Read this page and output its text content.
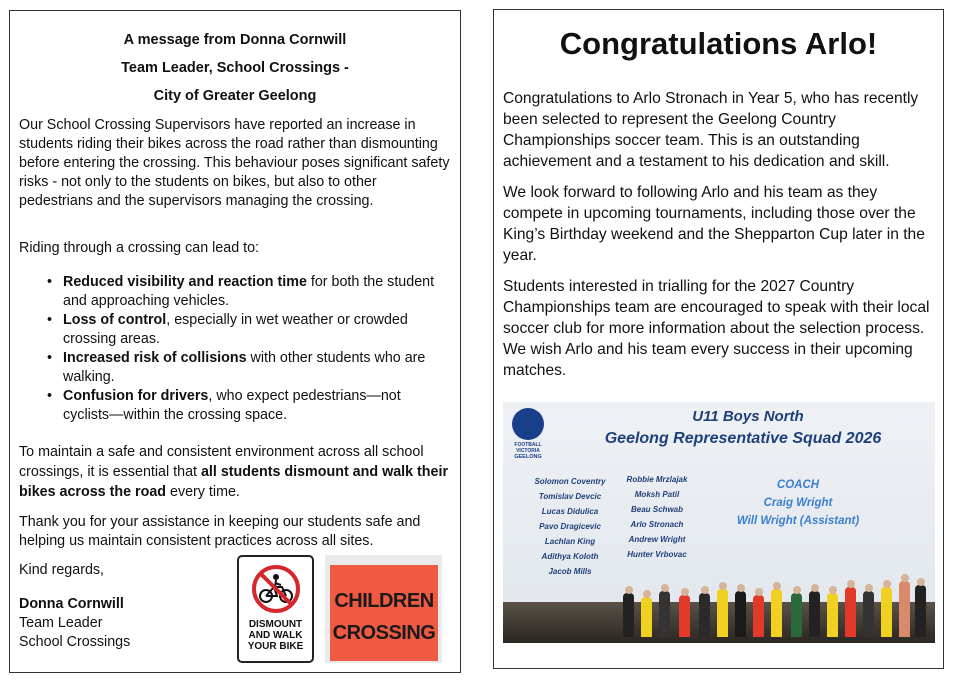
A message from Donna Cornwill
Team Leader, School Crossings -
City of Greater Geelong

Our School Crossing Supervisors have reported an increase in students riding their bikes across the road rather than dismounting before entering the crossing. This behaviour poses significant safety risks - not only to the students on bikes, but also to other pedestrians and the supervisors managing the crossing.

Riding through a crossing can lead to:

• Reduced visibility and reaction time for both the student and approaching vehicles.
• Loss of control, especially in wet weather or crowded crossing areas.
• Increased risk of collisions with other students who are walking.
• Confusion for drivers, who expect pedestrians—not cyclists—within the crossing space.

To maintain a safe and consistent environment across all school crossings, it is essential that all students dismount and walk their bikes across the road every time.

Thank you for your assistance in keeping our students safe and helping us maintain consistent practices across all sites.

Kind regards,
Donna Cornwill
Team Leader
School Crossings
DISMOUNT
AND WALK
YOUR BIKE
CHILDREN
CROSSING
Congratulations Arlo!

Congratulations to Arlo Stronach in Year 5, who has recently been selected to represent the Geelong Country Championships soccer team. This is an outstanding achievement and a testament to his dedication and skill.

We look forward to following Arlo and his team as they compete in upcoming tournaments, including those over the King’s Birthday weekend and the Shepparton Cup later in the year.

Students interested in trialling for the 2027 Country Championships team are encouraged to speak with their local soccer club for more information about the selection process. We wish Arlo and his team every success in their upcoming matches.

FOOTBALL VICTORIA
GEELONG
U11 Boys North
Geelong Representative Squad 2026
Solomon Coventry
Tomislav Devcic
Lucas Didulica
Pavo Dragicevic
Lachlan King
Adithya Koloth
Jacob Mills
Robbie Mrzlajak
Moksh Patil
Beau Schwab
Arlo Stronach
Andrew Wright
Hunter Vrbovac
COACH
Craig Wright
Will Wright (Assistant)
